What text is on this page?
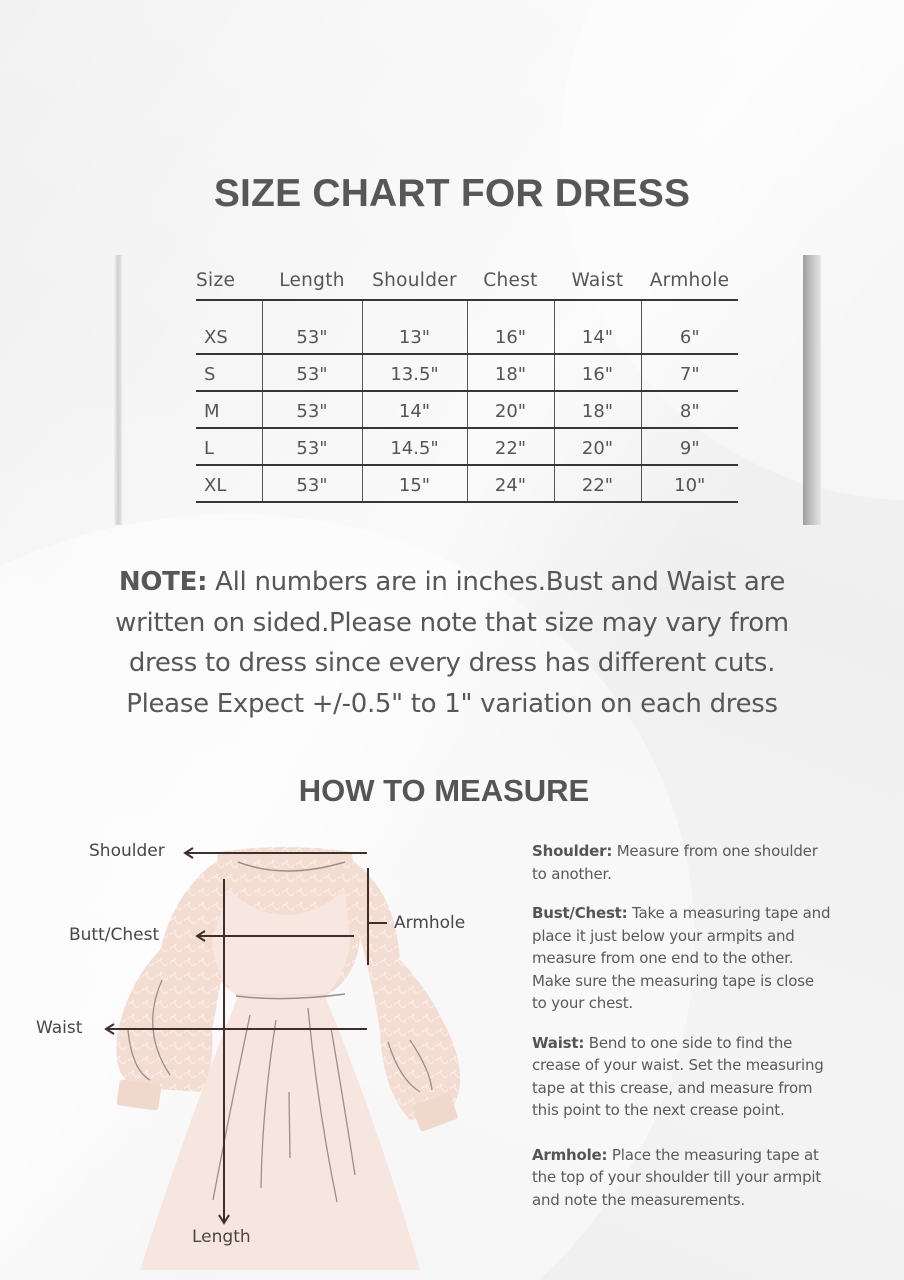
SIZE CHART FOR DRESS
Size	Length	Shoulder	Chest	Waist	Armhole
XS	53"	13"	16"	14"	6"
S	53"	13.5"	18"	16"	7"
M	53"	14"	20"	18"	8"
L	53"	14.5"	22"	20"	9"
XL	53"	15"	24"	22"	10"
NOTE: All numbers are in inches.Bust and Waist are
written on sided.Please note that size may vary from
dress to dress since every dress has different cuts.
Please Expect +/-0.5" to 1" variation on each dress
HOW TO MEASURE
Shoulder
Butt/Chest
Waist
Armhole
Length

Shoulder: Measure from one shoulder to another.

Bust/Chest: Take a measuring tape and place it just below your armpits and measure from one end to the other. Make sure the measuring tape is close to your chest.

Waist: Bend to one side to find the crease of your waist. Set the measuring tape at this crease, and measure from this point to the next crease point.

Armhole: Place the measuring tape at the top of your shoulder till your armpit and note the measurements.
